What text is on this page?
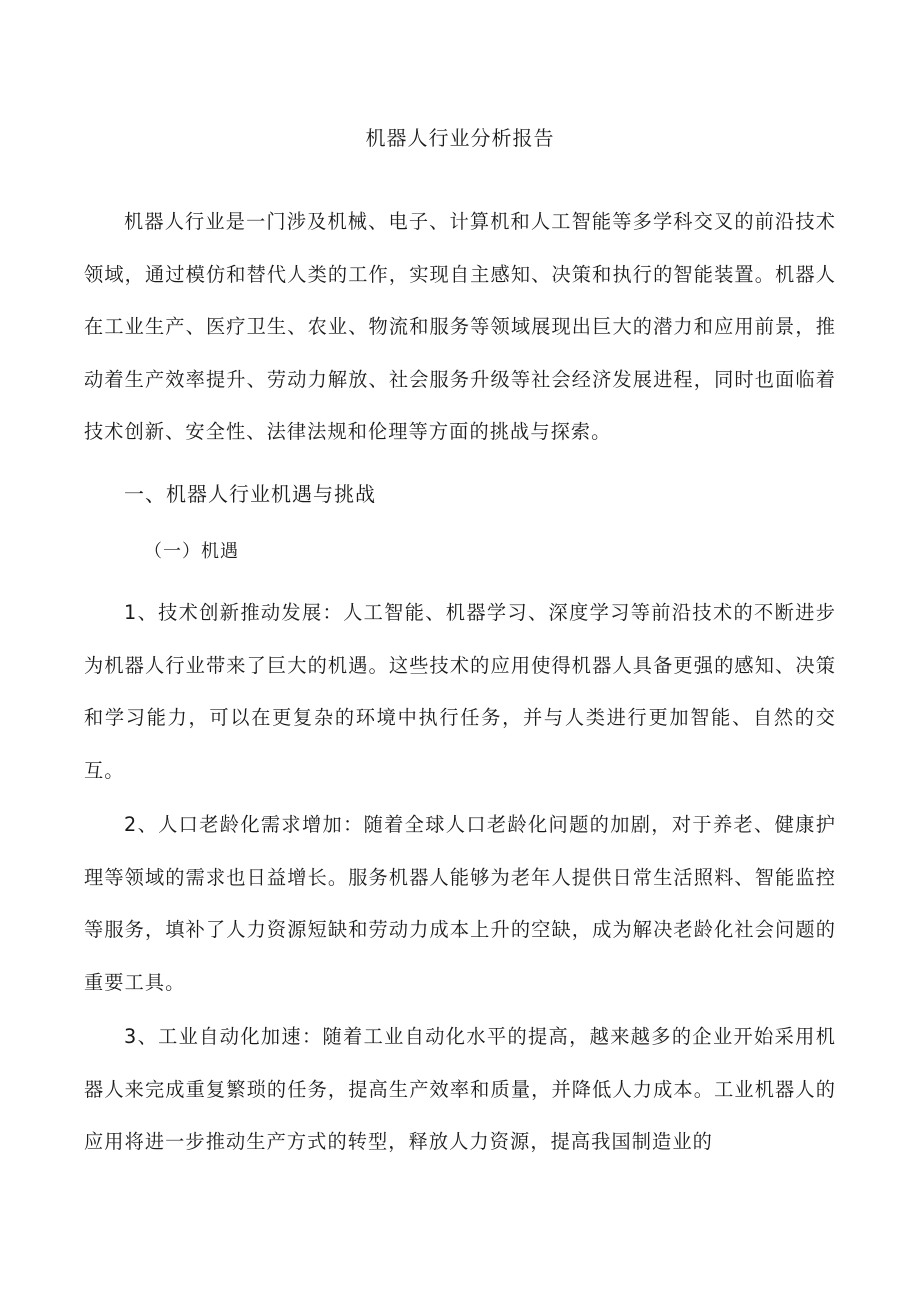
机器人行业分析报告

机器人行业是一门涉及机械、电子、计算机和人工智能等多学科交叉的前沿技术领域，通过模仿和替代人类的工作，实现自主感知、决策和执行的智能装置。机器人在工业生产、医疗卫生、农业、物流和服务等领域展现出巨大的潜力和应用前景，推动着生产效率提升、劳动力解放、社会服务升级等社会经济发展进程，同时也面临着技术创新、安全性、法律法规和伦理等方面的挑战与探索。

一、机器人行业机遇与挑战
（一）机遇

1、技术创新推动发展：人工智能、机器学习、深度学习等前沿技术的不断进步为机器人行业带来了巨大的机遇。这些技术的应用使得机器人具备更强的感知、决策和学习能力，可以在更复杂的环境中执行任务，并与人类进行更加智能、自然的交互。

2、人口老龄化需求增加：随着全球人口老龄化问题的加剧，对于养老、健康护理等领域的需求也日益增长。服务机器人能够为老年人提供日常生活照料、智能监控等服务，填补了人力资源短缺和劳动力成本上升的空缺，成为解决老龄化社会问题的重要工具。

3、工业自动化加速：随着工业自动化水平的提高，越来越多的企业开始采用机器人来完成重复繁琐的任务，提高生产效率和质量，并降低人力成本。工业机器人的应用将进一步推动生产方式的转型，释放人力资源，提高我国制造业的
